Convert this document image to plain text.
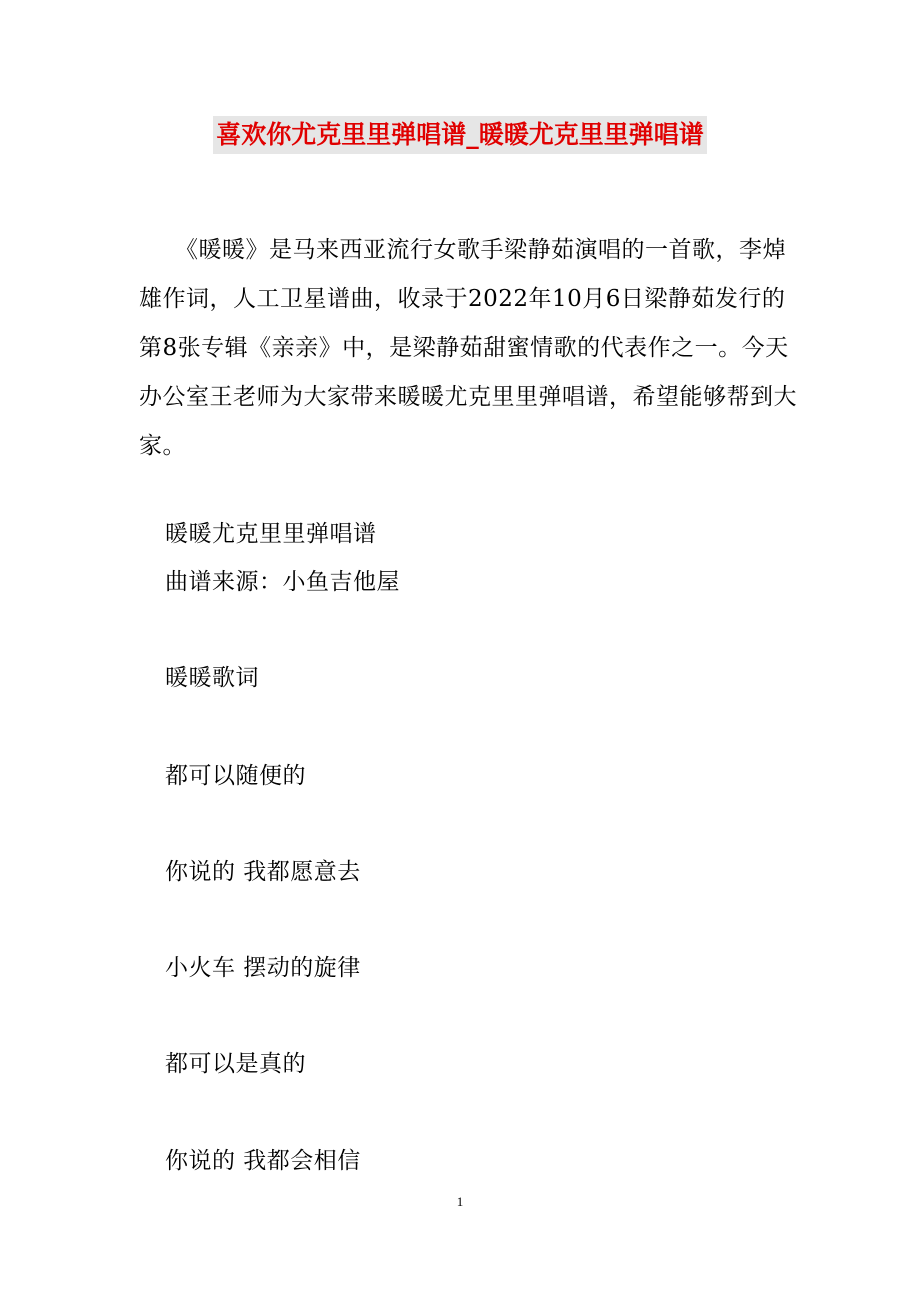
喜欢你尤克里里弹唱谱_暖暖尤克里里弹唱谱

《暖暖》是马来西亚流行女歌手梁静茹演唱的一首歌，李焯雄作词，人工卫星谱曲，收录于2022年10月6日梁静茹发行的第8张专辑《亲亲》中，是梁静茹甜蜜情歌的代表作之一。今天办公室王老师为大家带来暖暖尤克里里弹唱谱，希望能够帮到大家。

暖暖尤克里里弹唱谱

曲谱来源：小鱼吉他屋

暖暖歌词

都可以随便的

你说的 我都愿意去

小火车 摆动的旋律

都可以是真的

你说的 我都会相信

1
